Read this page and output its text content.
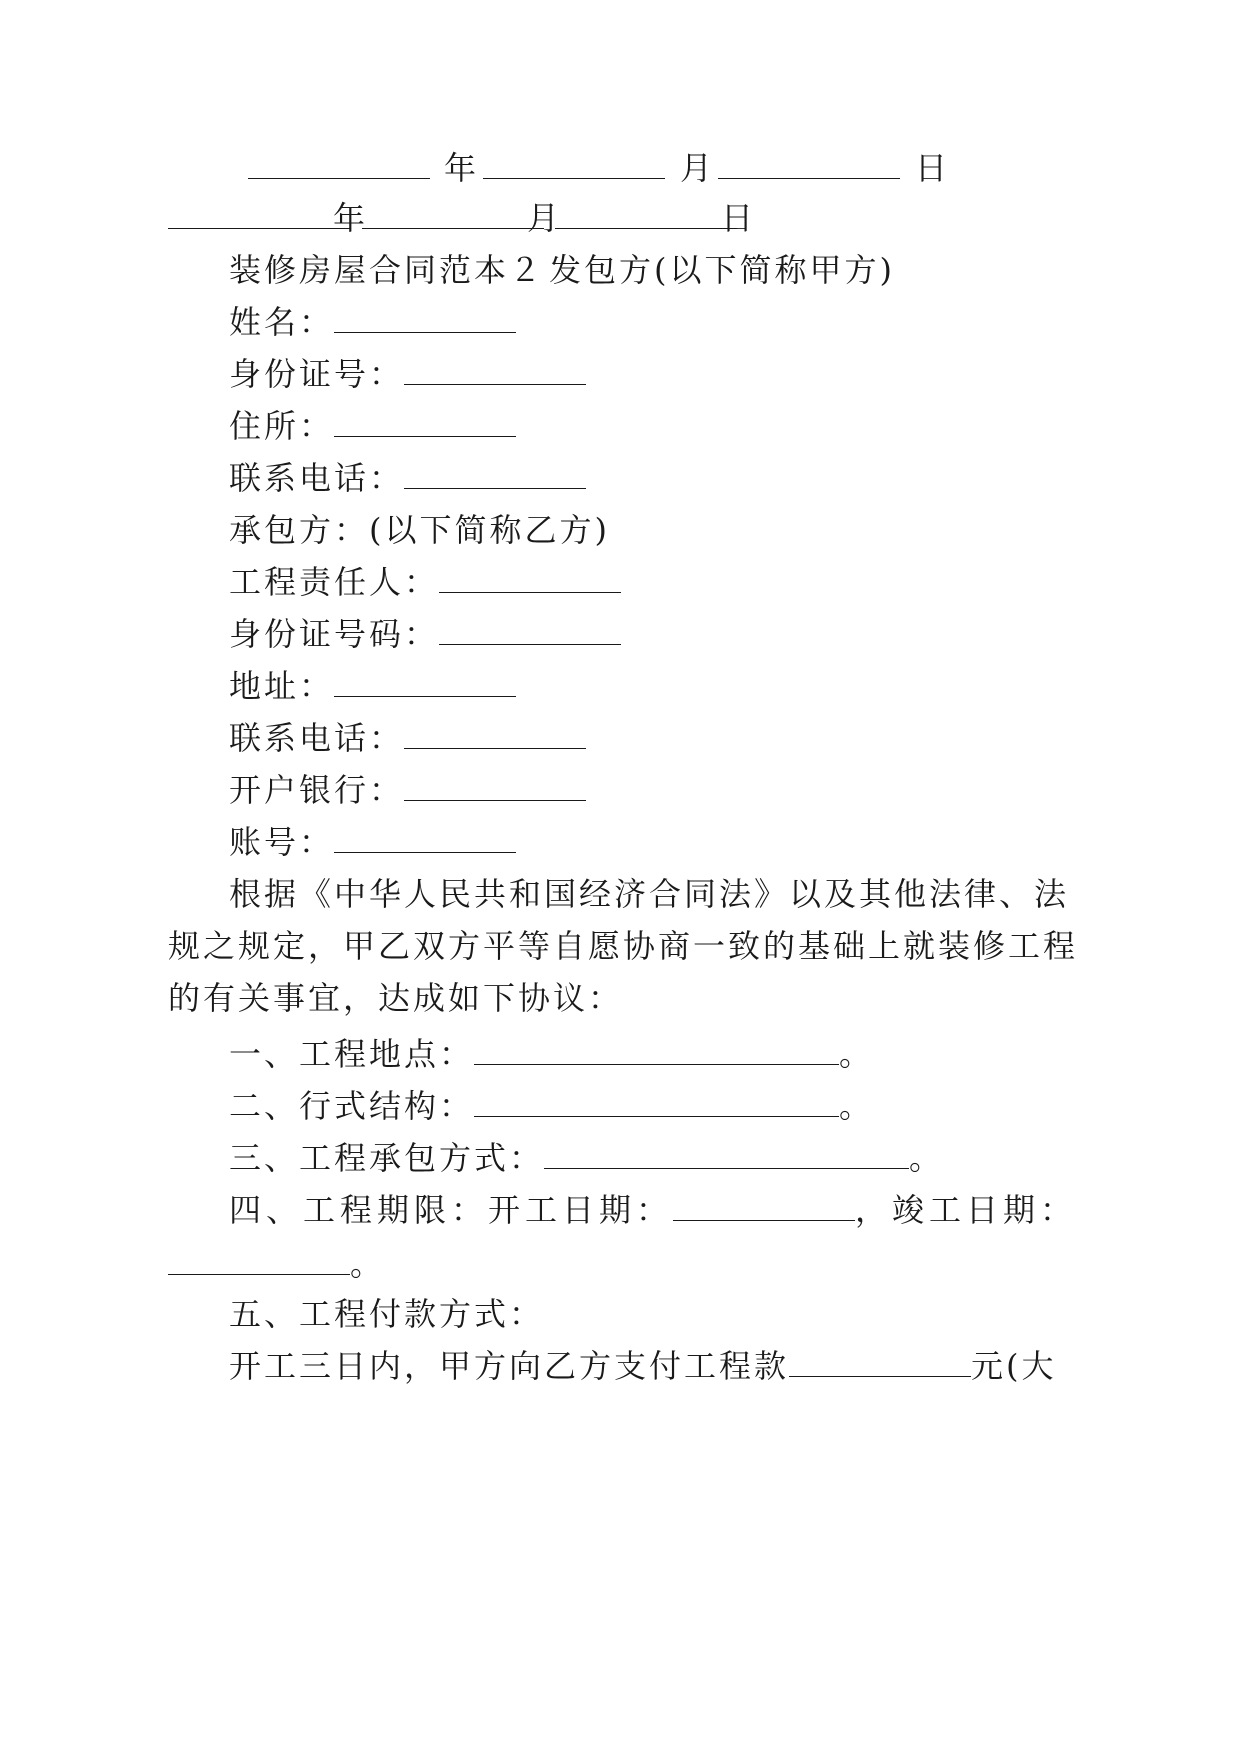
年	月	日
年	月	日
装修房屋合同范本２ 发包方(以下简称甲方)
姓名：
身份证号：
住所：
联系电话：
承包方：(以下简称乙方)
工程责任人：
身份证号码：
地址：
联系电话：
开户银行：
账号：
根据《中华人民共和国经济合同法》以及其他法律、法
规之规定，甲乙双方平等自愿协商一致的基础上就装修工程
的有关事宜，达成如下协议：
一、工程地点：	。
二、行式结构：	。
三、工程承包方式：	。
四、工程期限：开工日期：	，竣工日期：
。
五、工程付款方式：
开工三日内，甲方向乙方支付工程款	元(大
